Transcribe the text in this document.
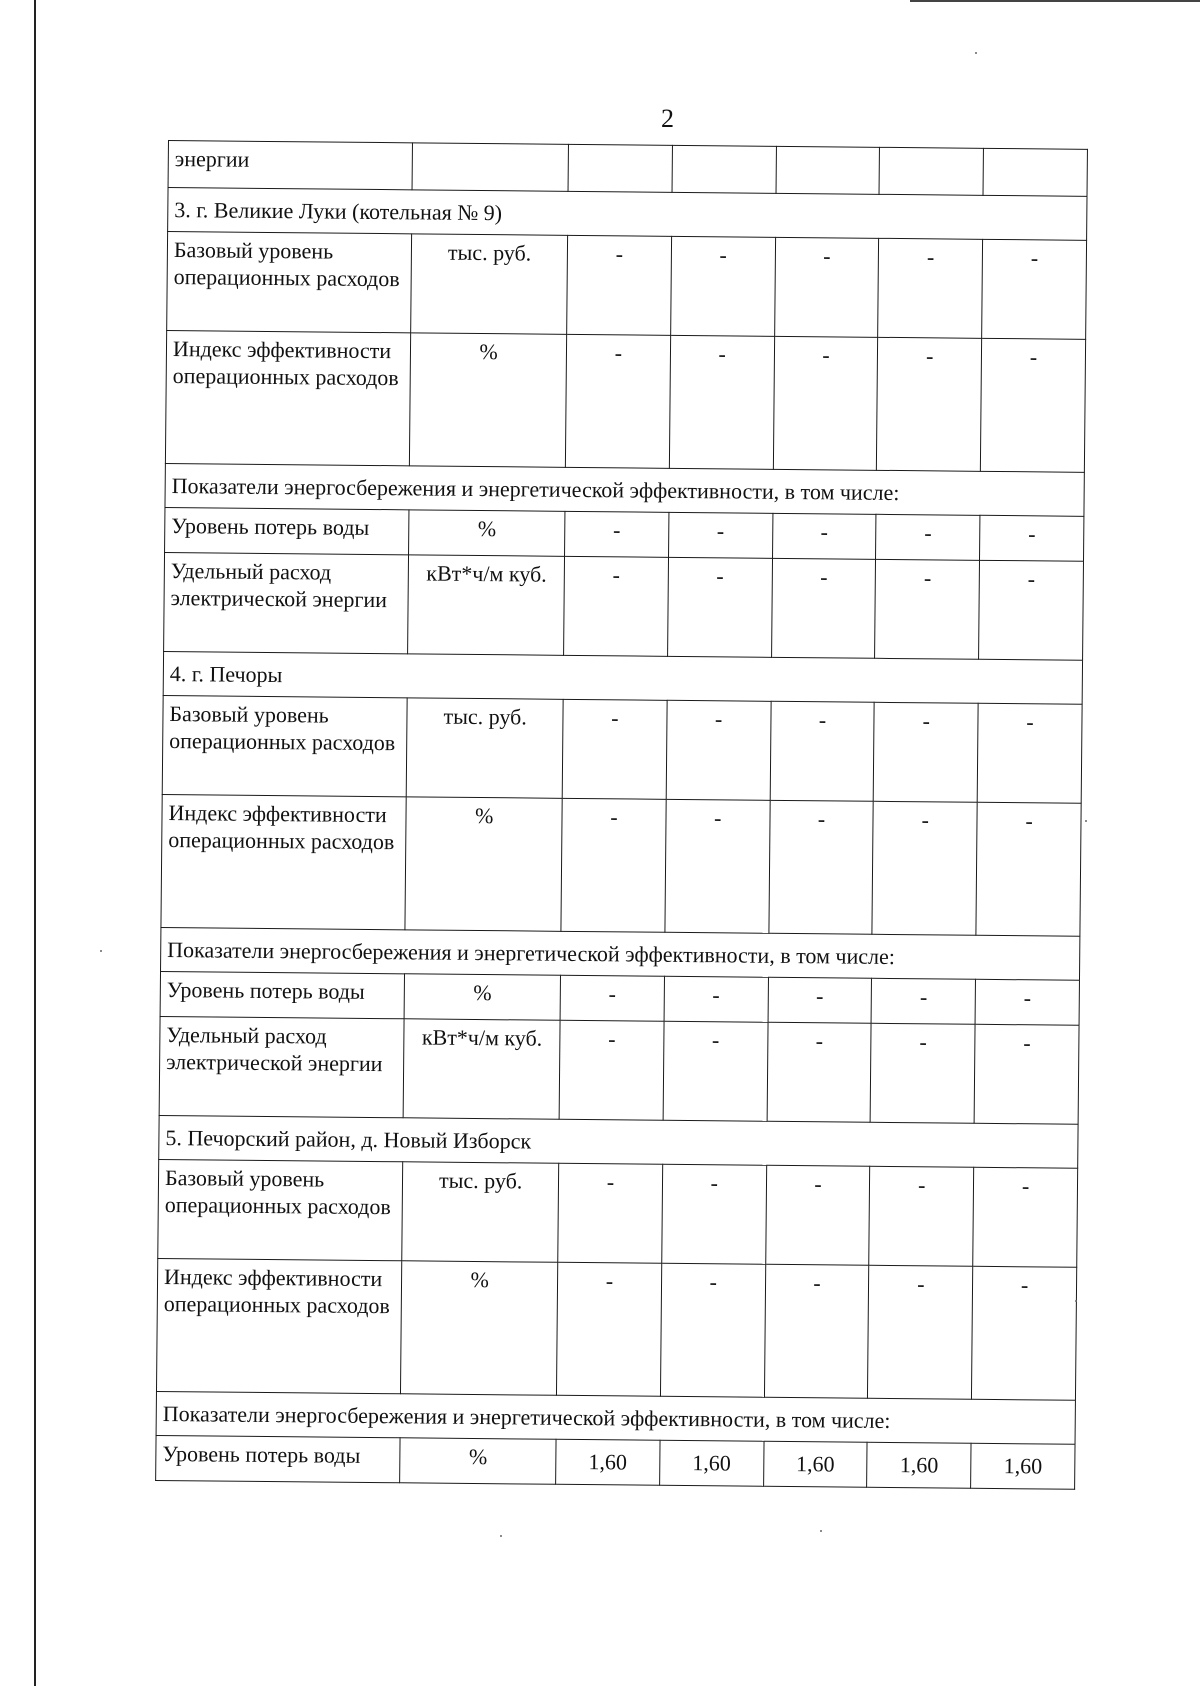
2
энергии						
3. г. Великие Луки (котельная № 9)						
Базовый уровень операционных расходов	тыс. руб.	-	-	-	-	-
Индекс эффективности операционных расходов	%	-	-	-	-	-
Показатели энергосбережения и энергетической эффективности, в том числе:						
Уровень потерь воды	%	-	-	-	-	-
Удельный расход электрической энергии	кВт*ч/м куб.	-	-	-	-	-
4. г. Печоры						
Базовый уровень операционных расходов	тыс. руб.	-	-	-	-	-
Индекс эффективности операционных расходов	%	-	-	-	-	-
Показатели энергосбережения и энергетической эффективности, в том числе:						
Уровень потерь воды	%	-	-	-	-	-
Удельный расход электрической энергии	кВт*ч/м куб.	-	-	-	-	-
5. Печорский район, д. Новый Изборск						
Базовый уровень операционных расходов	тыс. руб.	-	-	-	-	-
Индекс эффективности операционных расходов	%	-	-	-	-	-
Показатели энергосбережения и энергетической эффективности, в том числе:						
Уровень потерь воды	%	1,60	1,60	1,60	1,60	1,60
